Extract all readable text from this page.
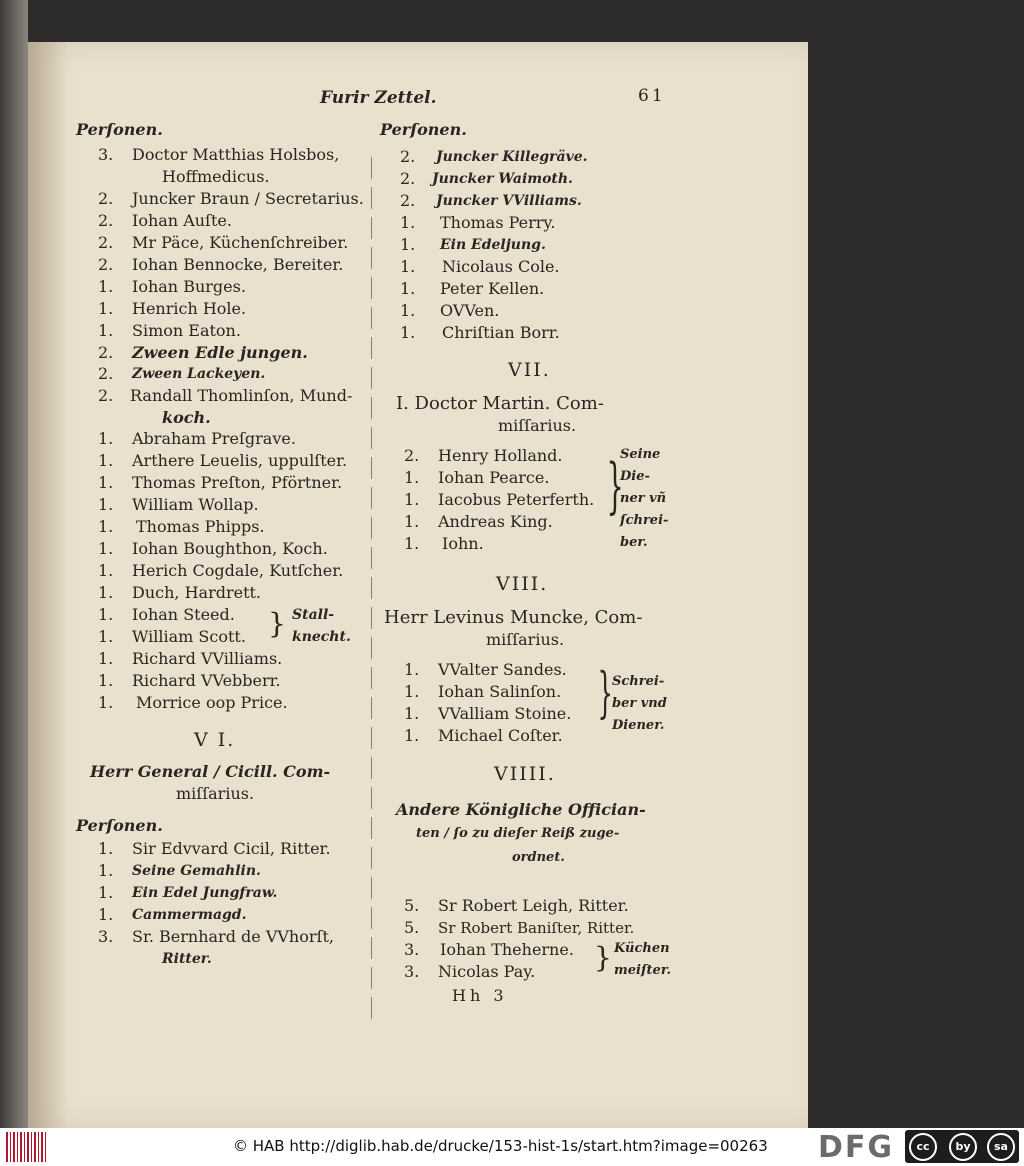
Furir Zettel.	61
Perſonen.
3. Doctor Matthias Holsbos,
Hoffmedicus.
2. Juncker Braun / Secretarius.
2. Iohan Auſte.
2. Mr Päce, Küchenſchreiber.
2. Iohan Bennocke, Bereiter.
1. Iohan Burges.
1. Henrich Hole.
1. Simon Eaton.
2. Zween Edle jungen.
2. Zween Lackeyen.
2. Randall Thomlinſon, Mund-
koch.
1. Abraham Preſgrave.
1. Arthere Leuelis, uppulſter.
1. Thomas Preſton, Pförtner.
1. William Wollap.
1. Thomas Phipps.
1. Iohan Boughthon, Koch.
1. Herich Cogdale, Kutſcher.
1. Duch, Hardrett.
1. Iohan Steed.
1. William Scott.
1. Richard VVilliams.
1. Richard VVebberr.
1. Morrice oop Price.
} Stall-
knecht.
V I.
Herr General / Cicill. Com-
miſſarius.
Perſonen.
1. Sir Edvvard Cicil, Ritter.
1. Seine Gemahlin.
1. Ein Edel Jungfraw.
1. Cammermagd.
3. Sr. Bernhard de VVhorſt,
Ritter.
Perſonen.
2. Juncker Killegräve.
2. Juncker Waimoth.
2. Juncker VVilliams.
1. Thomas Perry.
1. Ein Edeljung.
1. Nicolaus Cole.
1. Peter Kellen.
1. OVVen.
1. Chriſtian Borr.
VII.
I. Doctor Martin. Com-
miſſarius.
2. Henry Holland.
1. Iohan Pearce.
1. Iacobus Peterferth.
1. Andreas King.
1. Iohn.
}
Seine
Die-
ner vñ
ſchrei-
ber.
VIII.
Herr Levinus Muncke, Com-
miſſarius.
1. VValter Sandes.
1. Iohan Salinſon.
1. VValliam Stoine.
1. Michael Coſter.
} Schrei-
ber vnd
Diener.
VIIII.
Andere Königliche Offician-
ten / ſo zu dieſer Reiß zuge-
ordnet.
5. Sr Robert Leigh, Ritter.
5. Sr Robert Baniſter, Ritter.
3. Iohan Theherne.
3. Nicolas Pay. } Küchen
meiſter.
Hh 3
© HAB http://diglib.hab.de/drucke/153-hist-1s/start.htm?image=00263 DFG	cc	by	sa
